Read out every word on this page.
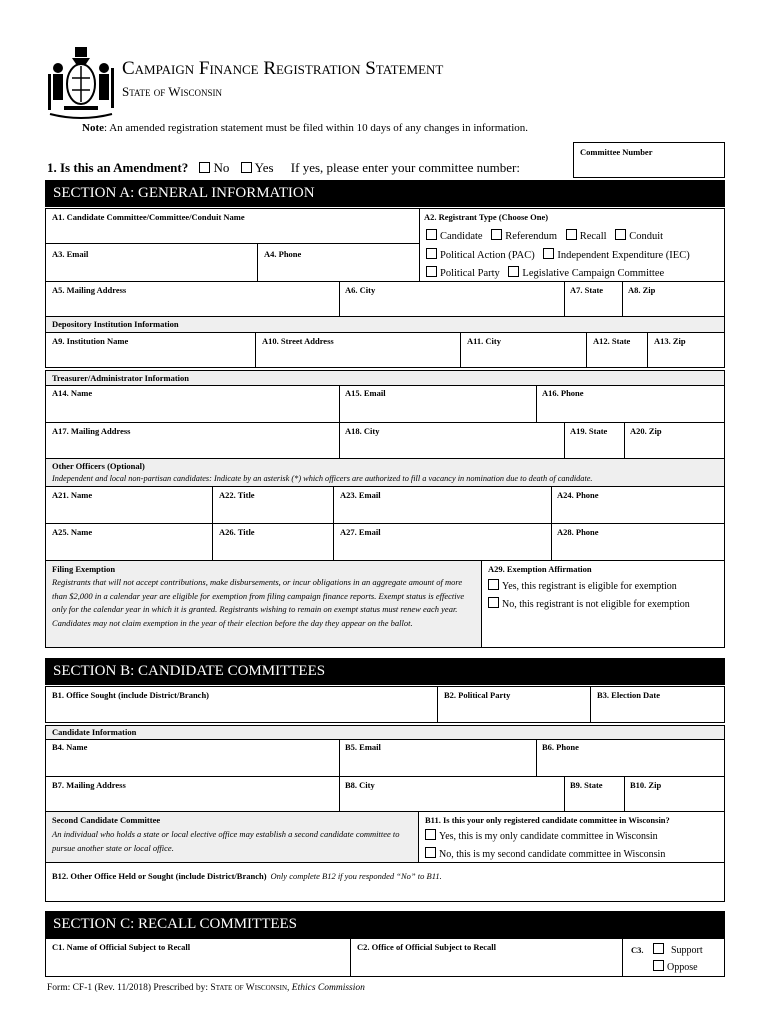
Campaign Finance Registration Statement
State of Wisconsin
Note: An amended registration statement must be filed within 10 days of any changes in information.
1. Is this an Amendment? No Yes If yes, please enter your committee number:
Committee Number
SECTION A: GENERAL INFORMATION
A1. Candidate Committee/Committee/Conduit Name	A2. Registrant Type (Choose One)
Candidate Referendum Recall Conduit
Political Action (PAC) Independent Expenditure (IEC)
Political Party Legislative Campaign Committee
A3. Email	A4. Phone
A5. Mailing Address	A6. City	A7. State	A8. Zip
Depository Institution Information
A9. Institution Name	A10. Street Address	A11. City	A12. State	A13. Zip
Treasurer/Administrator Information
A14. Name	A15. Email	A16. Phone
A17. Mailing Address	A18. City	A19. State	A20. Zip
Other Officers (Optional)
Independent and local non-partisan candidates: Indicate by an asterisk (*) which officers are authorized to fill a vacancy in nomination due to death of candidate.
A21. Name	A22. Title	A23. Email	A24. Phone
A25. Name	A26. Title	A27. Email	A28. Phone
Filing Exemption
Registrants that will not accept contributions, make disbursements, or incur obligations in an aggregate amount of more than $2,000 in a calendar year are eligible for exemption from filing campaign finance reports. Exempt status is effective only for the calendar year in which it is granted. Registrants wishing to remain on exempt status must renew each year. Candidates may not claim exemption in the year of their election before the day they appear on the ballot.
A29. Exemption Affirmation
Yes, this registrant is eligible for exemption
No, this registrant is not eligible for exemption
SECTION B: CANDIDATE COMMITTEES
B1. Office Sought (include District/Branch)	B2. Political Party	B3. Election Date
Candidate Information
B4. Name	B5. Email	B6. Phone
B7. Mailing Address	B8. City	B9. State	B10. Zip
Second Candidate Committee
An individual who holds a state or local elective office may establish a second candidate committee to pursue another state or local office.
B11. Is this your only registered candidate committee in Wisconsin?
Yes, this is my only candidate committee in Wisconsin
No, this is my second candidate committee in Wisconsin
B12. Other Office Held or Sought (include District/Branch) Only complete B12 if you responded “No” to B11.
SECTION C: RECALL COMMITTEES
C1. Name of Official Subject to Recall	C2. Office of Official Subject to Recall	C3.	Support
Oppose
Form: CF-1 (Rev. 11/2018) Prescribed by: State of Wisconsin, Ethics Commission
